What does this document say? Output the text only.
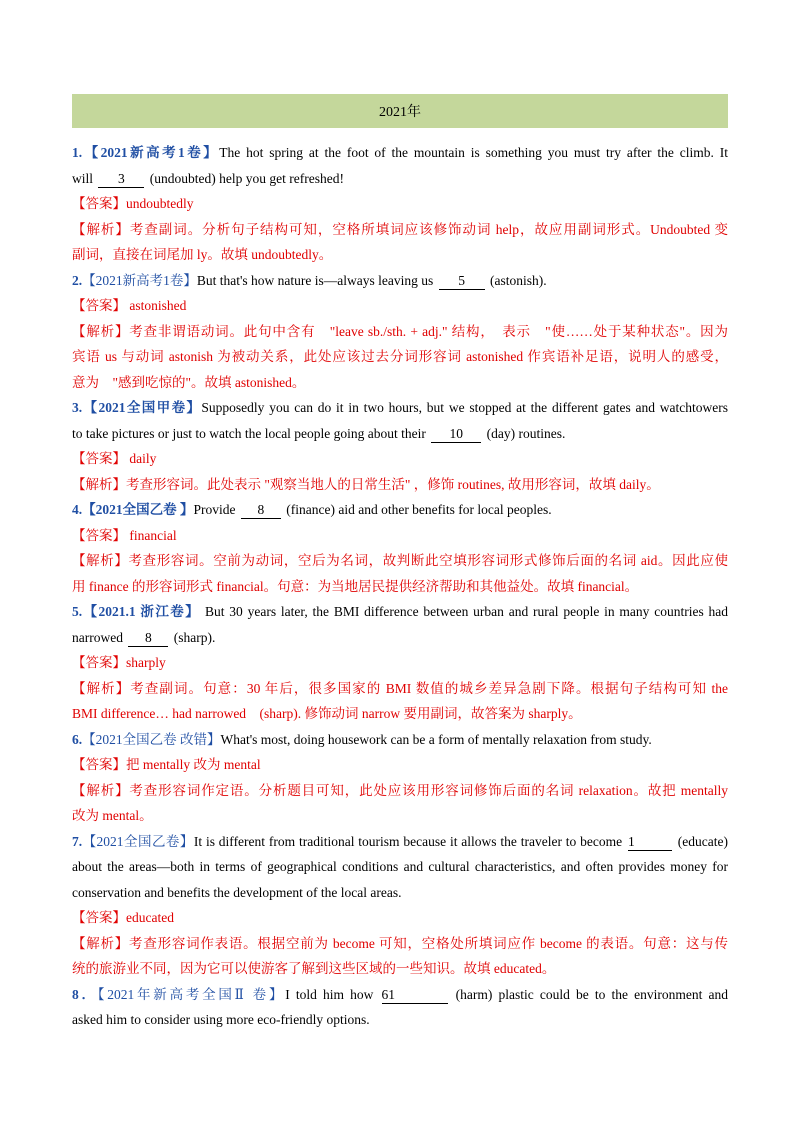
2021年
1.【2021新高考1卷】The hot spring at the foot of the mountain is something you must try after the climb. It
will 3 (undoubted) help you get refreshed!
【答案】undoubtedly
【解析】考查副词。分析句子结构可知，空格所填词应该修饰动词 help，故应用副词形式。Undoubted 变
副词，直接在词尾加 ly。故填 undoubtedly。
2.【2021新高考1卷】But that's how nature is—always leaving us 5 (astonish).
【答案】 astonished
【解析】考查非谓语动词。此句中含有　"leave sb./sth. + adj." 结构，　表示　"使……处于某种状态"。因为
宾语 us 与动词 astonish 为被动关系，此处应该过去分词形容词 astonished 作宾语补足语，说明人的感受，
意为　"感到吃惊的"。故填 astonished。
3.【2021全国甲卷】Supposedly you can do it in two hours, but we stopped at the different gates and watchtowers
to take pictures or just to watch the local people going about their 10 (day) routines.
【答案】 daily
【解析】考查形容词。此处表示 "观察当地人的日常生活" ，修饰 routines, 故用形容词，故填 daily。
4.【2021全国乙卷 】Provide 8 (finance) aid and other benefits for local peoples.
【答案】 financial
【解析】考查形容词。空前为动词，空后为名词，故判断此空填形容词形式修饰后面的名词 aid。因此应使
用 finance 的形容词形式 financial。句意：为当地居民提供经济帮助和其他益处。故填 financial。
5.【2021.1 浙江卷】 But 30 years later, the BMI difference between urban and rural people in many countries had
narrowed 8 (sharp).
【答案】sharply
【解析】考查副词。句意：30 年后，很多国家的 BMI 数值的城乡差异急剧下降。根据句子结构可知 the
BMI difference… had narrowed　(sharp). 修饰动词 narrow 要用副词，故答案为 sharply。
6.【2021全国乙卷 改错】What's most, doing housework can be a form of mentally relaxation from study.
【答案】把 mentally 改为 mental
【解析】考查形容词作定语。分析题目可知，此处应该用形容词修饰后面的名词 relaxation。故把 mentally
改为 mental。
7.【2021全国乙卷】It is different from traditional tourism because it allows the traveler to become 1	(educate)
about the areas—both in terms of geographical conditions and cultural characteristics, and often provides money for
conservation and benefits the development of the local areas.
【答案】educated
【解析】考查形容词作表语。根据空前为 become 可知，空格处所填词应作 become 的表语。句意：这与传
统的旅游业不同，因为它可以使游客了解到这些区域的一些知识。故填 educated。
8．【2021年新高考全国Ⅱ 卷】I told him how 61	(harm) plastic could be to the environment and
asked him to consider using more eco-friendly options.
